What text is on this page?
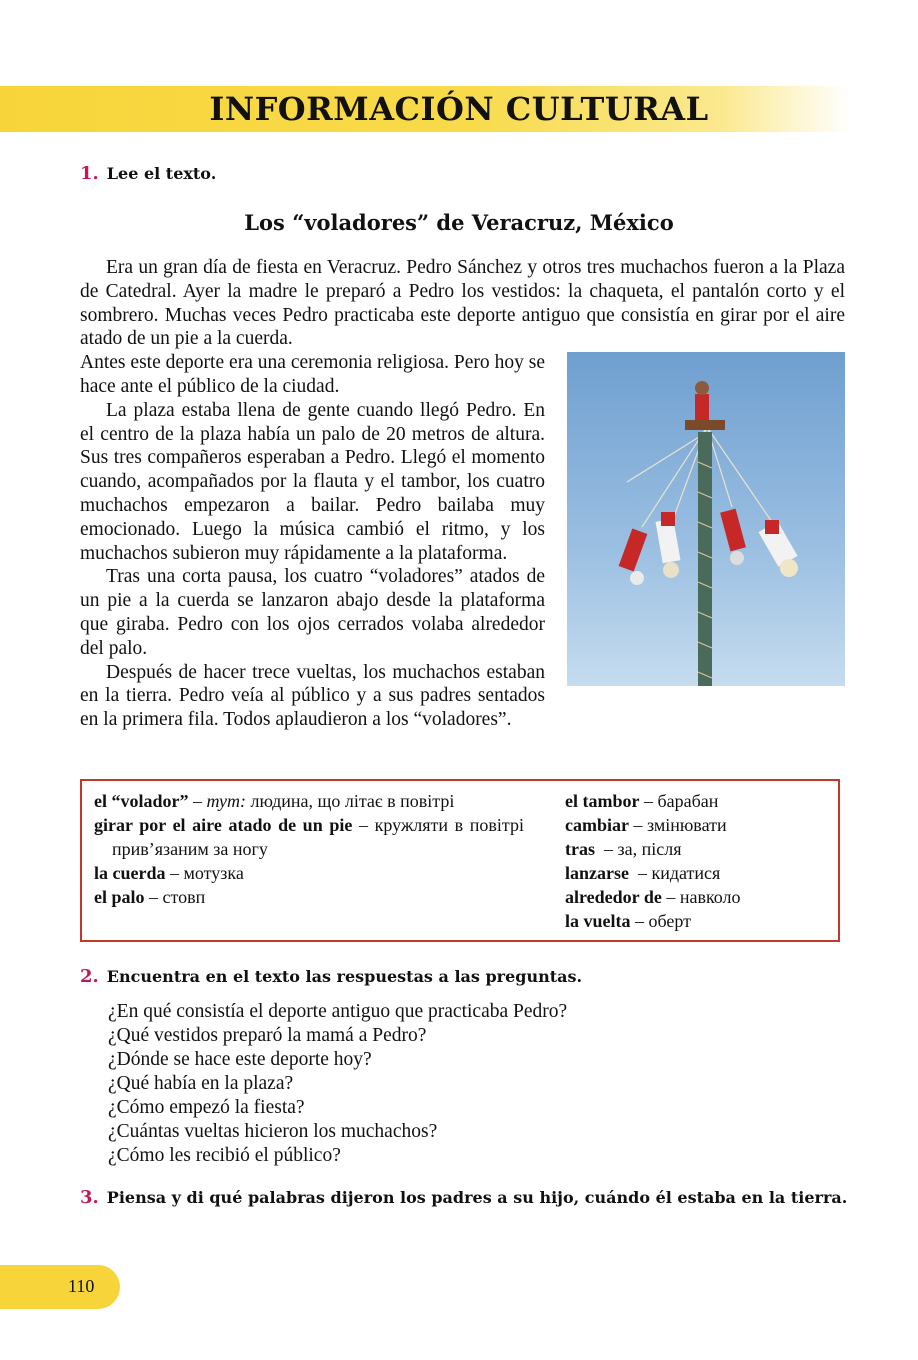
INFORMACIÓN CULTURAL
1. Lee el texto.
Los “voladores” de Veracruz, México

Era un gran día de fiesta en Veracruz. Pedro Sánchez y otros tres muchachos fueron a la Plaza de Catedral. Ayer la madre le preparó a Pedro los vestidos: la chaqueta, el pantalón corto y el sombrero. Muchas veces Pedro practicaba este deporte antiguo que consistía en girar por el aire atado de un pie a la cuerda.

Antes este deporte era una ceremonia religiosa. Pero hoy se hace ante el público de la ciudad.

La plaza estaba llena de gente cuando llegó Pedro. En el centro de la plaza había un palo de 20 metros de altura. Sus tres compañeros esperaban a Pedro. Llegó el momento cuando, acompañados por la flauta y el tambor, los cuatro muchachos empezaron a bailar. Pedro bailaba muy emocionado. Luego la música cambió el ritmo, y los muchachos subieron muy rápidamente a la plataforma.

Tras una corta pausa, los cuatro “voladores” atados de un pie a la cuerda se lanzaron abajo desde la plataforma que giraba. Pedro con los ojos cerrados volaba alrededor del palo.

Después de hacer trece vueltas, los muchachos estaban en la tierra. Pedro veía al público y a sus padres sentados en la primera fila. Todos aplaudieron a los “voladores”.

el “volador” – тут: людина, що літає в повітрі
girar por el aire atado de un pie – кружляти в повітрі прив’язаним за ногу
la cuerda – мотузка
el palo – стовп
el tambor – барабан
cambiar – змінювати
tras  – за, після
lanzarse  – кидатися
alrededor de – навколо
la vuelta – оберт
2. Encuentra en el texto las respuestas a las preguntas.
¿En qué consistía el deporte antiguo que practicaba Pedro?
¿Qué vestidos preparó la mamá a Pedro?
¿Dónde se hace este deporte hoy?
¿Qué había en la plaza?
¿Cómo empezó la fiesta?
¿Cuántas vueltas hicieron los muchachos?
¿Cómo les recibió el público?
3. Piensa y di qué palabras dijeron los padres a su hijo, cuándo él estaba en la tierra.
110
